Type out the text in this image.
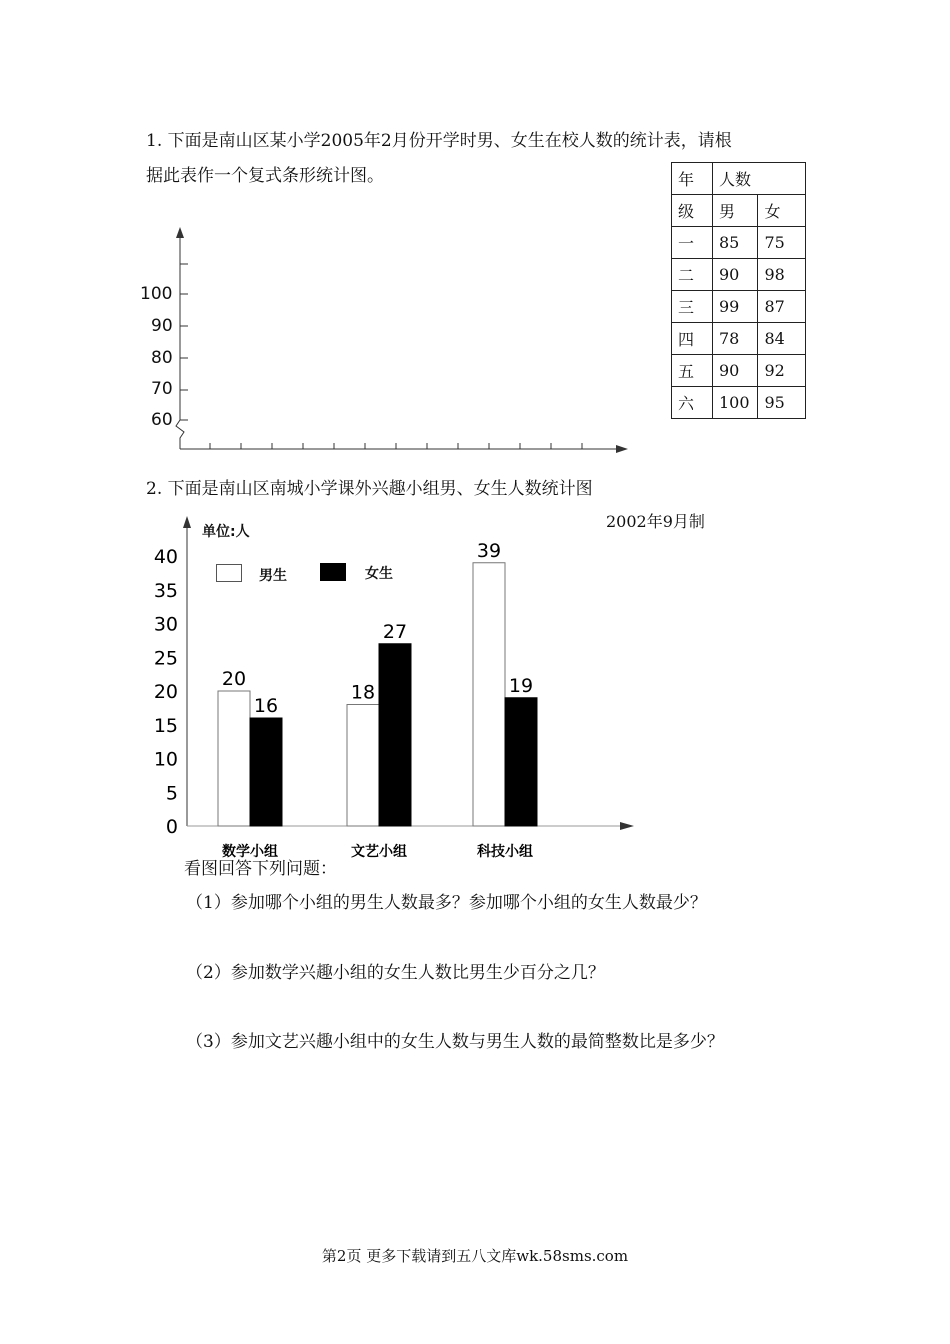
1. 下面是南山区某小学2005年2月份开学时男、女生在校人数的统计表，请根
据此表作一个复式条形统计图。	年	人数	
级	男	女
一	85	75
二	90	98
三	99	87
四	78	84
五	90	92
六	100	95
100
90
80
70
60
2. 下面是南山区南城小学课外兴趣小组男、女生人数统计图
2002年9月制
单位:人
男生	女生
0
5
10
15
20
25
30
35
40
20
16
数学小组
18
27
文艺小组
39
19
科技小组
看图回答下列问题：
（1）参加哪个小组的男生人数最多？参加哪个小组的女生人数最少？
（2）参加数学兴趣小组的女生人数比男生少百分之几？
（3）参加文艺兴趣小组中的女生人数与男生人数的最简整数比是多少？
第2页 更多下载请到五八文库wk.58sms.com
